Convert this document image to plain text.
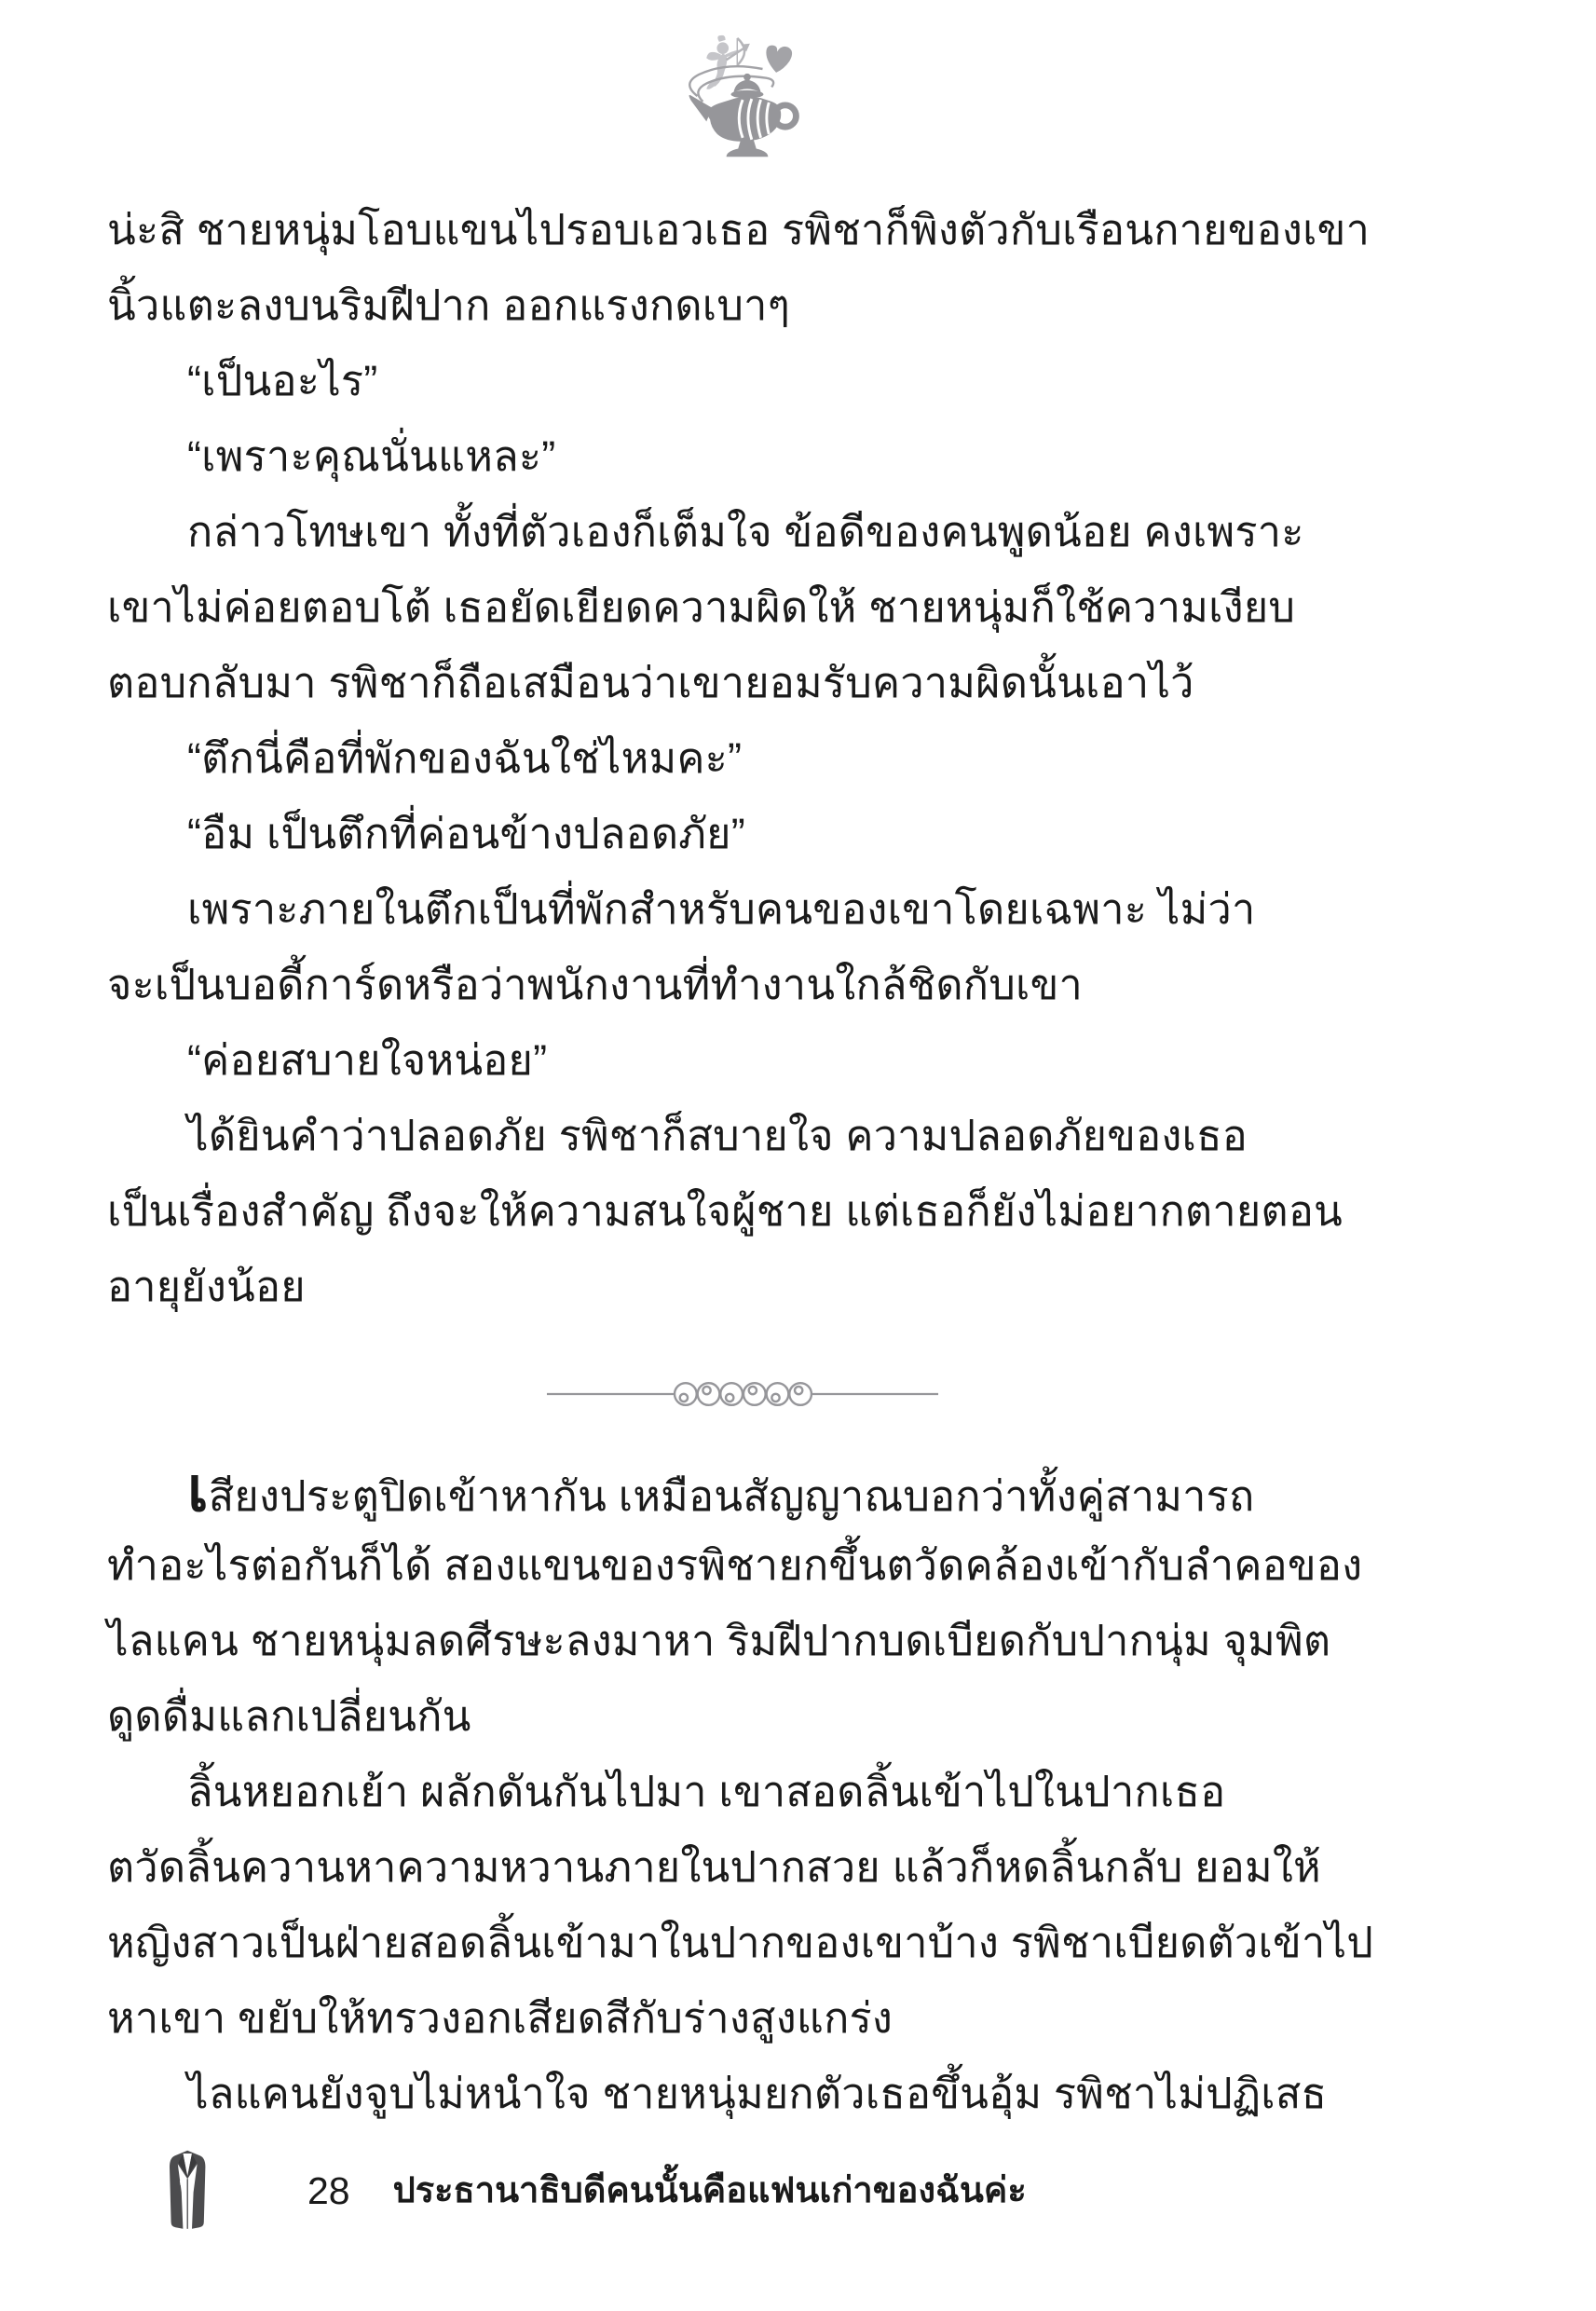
น่ะสิ ชายหนุ่มโอบแขนไปรอบเอวเธอ รพิชาก็พิงตัวกับเรือนกายของเขา
นิ้วแตะลงบนริมฝีปาก ออกแรงกดเบาๆ
“เป็นอะไร”
“เพราะคุณนั่นแหละ”
กล่าวโทษเขา ทั้งที่ตัวเองก็เต็มใจ ข้อดีของคนพูดน้อย คงเพราะ
เขาไม่ค่อยตอบโต้ เธอยัดเยียดความผิดให้ ชายหนุ่มก็ใช้ความเงียบ
ตอบกลับมา รพิชาก็ถือเสมือนว่าเขายอมรับความผิดนั้นเอาไว้
“ตึกนี่คือที่พักของฉันใช่ไหมคะ”
“อืม เป็นตึกที่ค่อนข้างปลอดภัย”
เพราะภายในตึกเป็นที่พักสำหรับคนของเขาโดยเฉพาะ ไม่ว่า
จะเป็นบอดี้การ์ดหรือว่าพนักงานที่ทำงานใกล้ชิดกับเขา
“ค่อยสบายใจหน่อย”
ได้ยินคำว่าปลอดภัย รพิชาก็สบายใจ ความปลอดภัยของเธอ
เป็นเรื่องสำคัญ ถึงจะให้ความสนใจผู้ชาย แต่เธอก็ยังไม่อยากตายตอน
อายุยังน้อย
เสียงประตูปิดเข้าหากัน เหมือนสัญญาณบอกว่าทั้งคู่สามารถ
ทำอะไรต่อกันก็ได้ สองแขนของรพิชายกขึ้นตวัดคล้องเข้ากับลำคอของ
ไลแคน ชายหนุ่มลดศีรษะลงมาหา ริมฝีปากบดเบียดกับปากนุ่ม จุมพิต
ดูดดื่มแลกเปลี่ยนกัน
ลิ้นหยอกเย้า ผลักดันกันไปมา เขาสอดลิ้นเข้าไปในปากเธอ
ตวัดลิ้นควานหาความหวานภายในปากสวย แล้วก็หดลิ้นกลับ ยอมให้
หญิงสาวเป็นฝ่ายสอดลิ้นเข้ามาในปากของเขาบ้าง รพิชาเบียดตัวเข้าไป
หาเขา ขยับให้ทรวงอกเสียดสีกับร่างสูงแกร่ง
ไลแคนยังจูบไม่หนำใจ ชายหนุ่มยกตัวเธอขึ้นอุ้ม รพิชาไม่ปฏิเสธ
28 ประธานาธิบดีคนนั้นคือแฟนเก่าของฉันค่ะ
